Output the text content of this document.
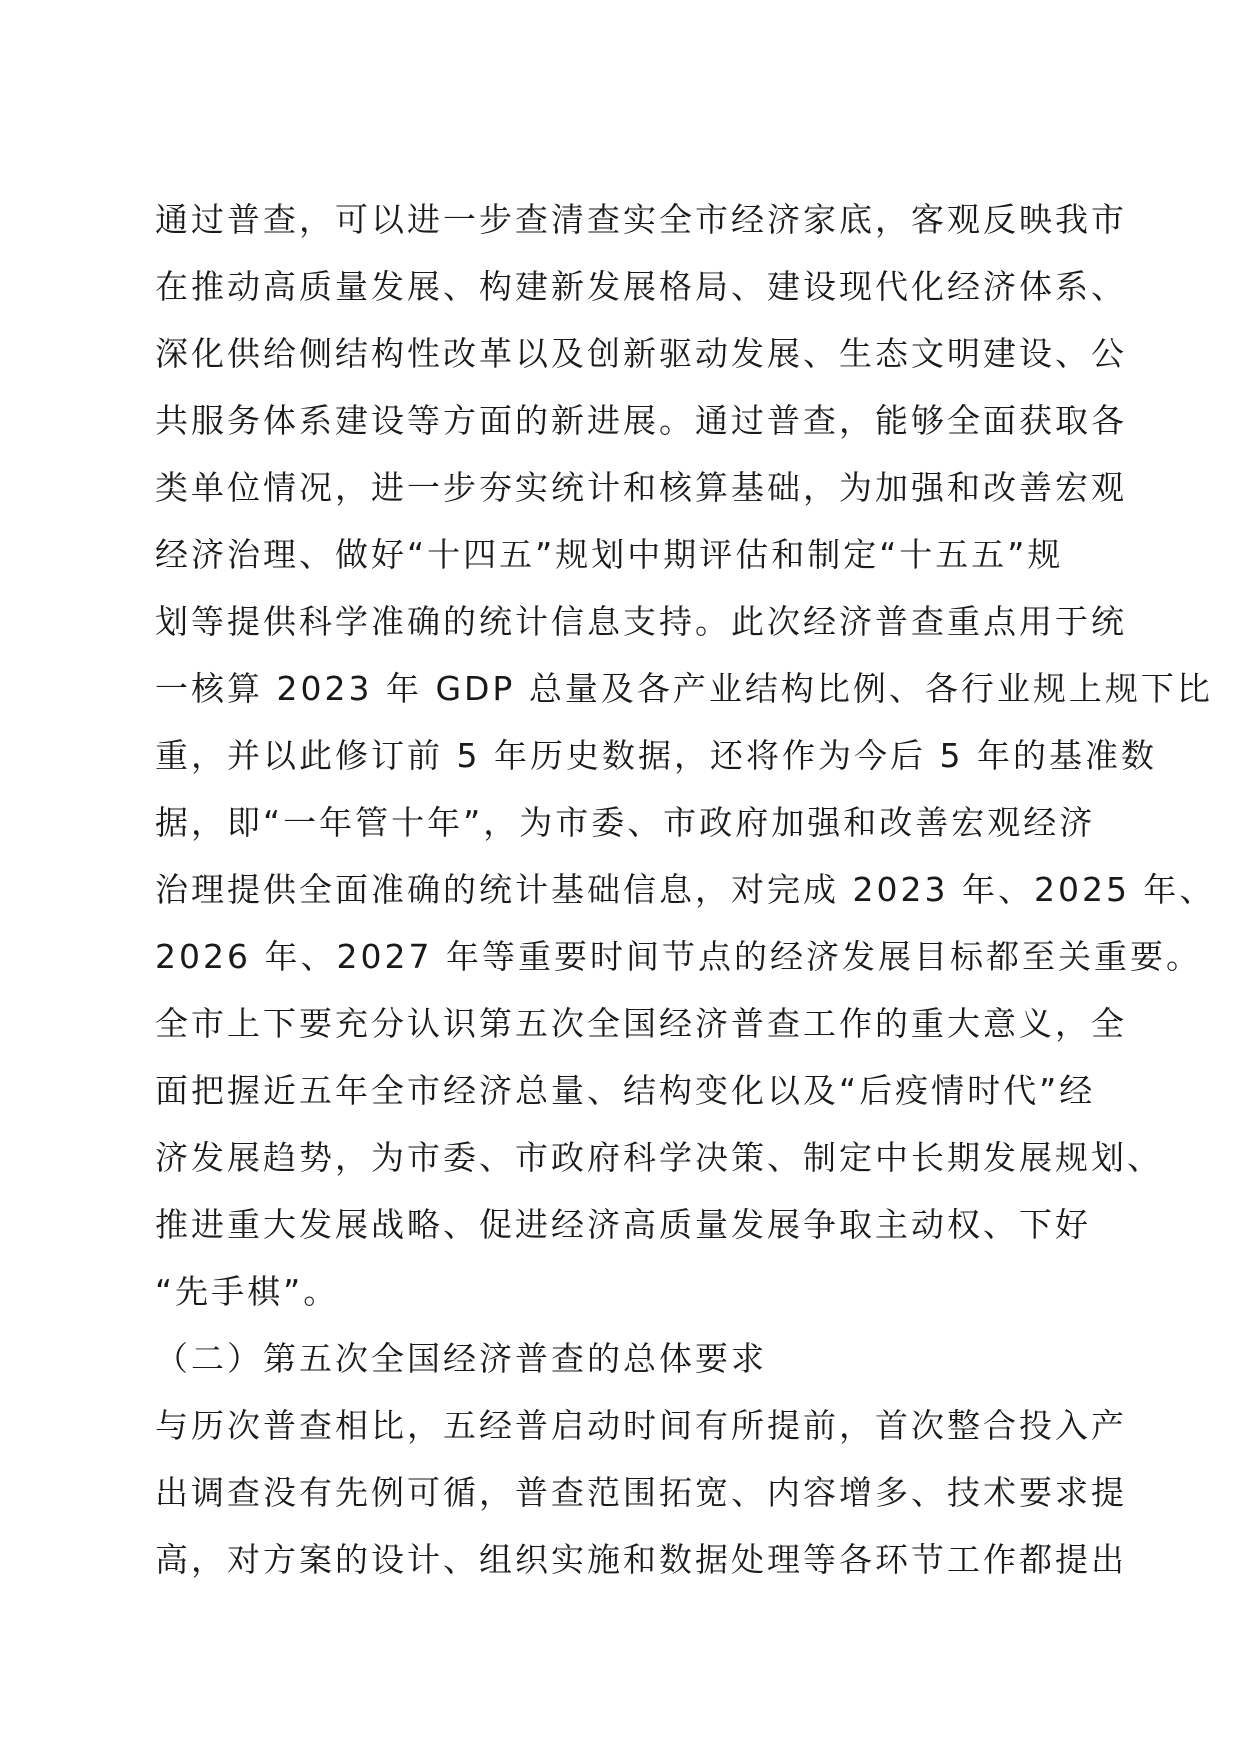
通过普查，可以进一步查清查实全市经济家底，客观反映我市
在推动高质量发展、构建新发展格局、建设现代化经济体系、
深化供给侧结构性改革以及创新驱动发展、生态文明建设、公
共服务体系建设等方面的新进展。通过普查，能够全面获取各
类单位情况，进一步夯实统计和核算基础，为加强和改善宏观
经济治理、做好“十四五”规划中期评估和制定“十五五”规
划等提供科学准确的统计信息支持。此次经济普查重点用于统
一核算 2023 年 GDP 总量及各产业结构比例、各行业规上规下比
重，并以此修订前 5 年历史数据，还将作为今后 5 年的基准数
据，即“一年管十年”，为市委、市政府加强和改善宏观经济
治理提供全面准确的统计基础信息，对完成 2023 年、2025 年、
2026 年、2027 年等重要时间节点的经济发展目标都至关重要。
全市上下要充分认识第五次全国经济普查工作的重大意义，全
面把握近五年全市经济总量、结构变化以及“后疫情时代”经
济发展趋势，为市委、市政府科学决策、制定中长期发展规划、
推进重大发展战略、促进经济高质量发展争取主动权、下好
“先手棋”。
（二）第五次全国经济普查的总体要求
与历次普查相比，五经普启动时间有所提前，首次整合投入产
出调查没有先例可循，普查范围拓宽、内容增多、技术要求提
高，对方案的设计、组织实施和数据处理等各环节工作都提出
